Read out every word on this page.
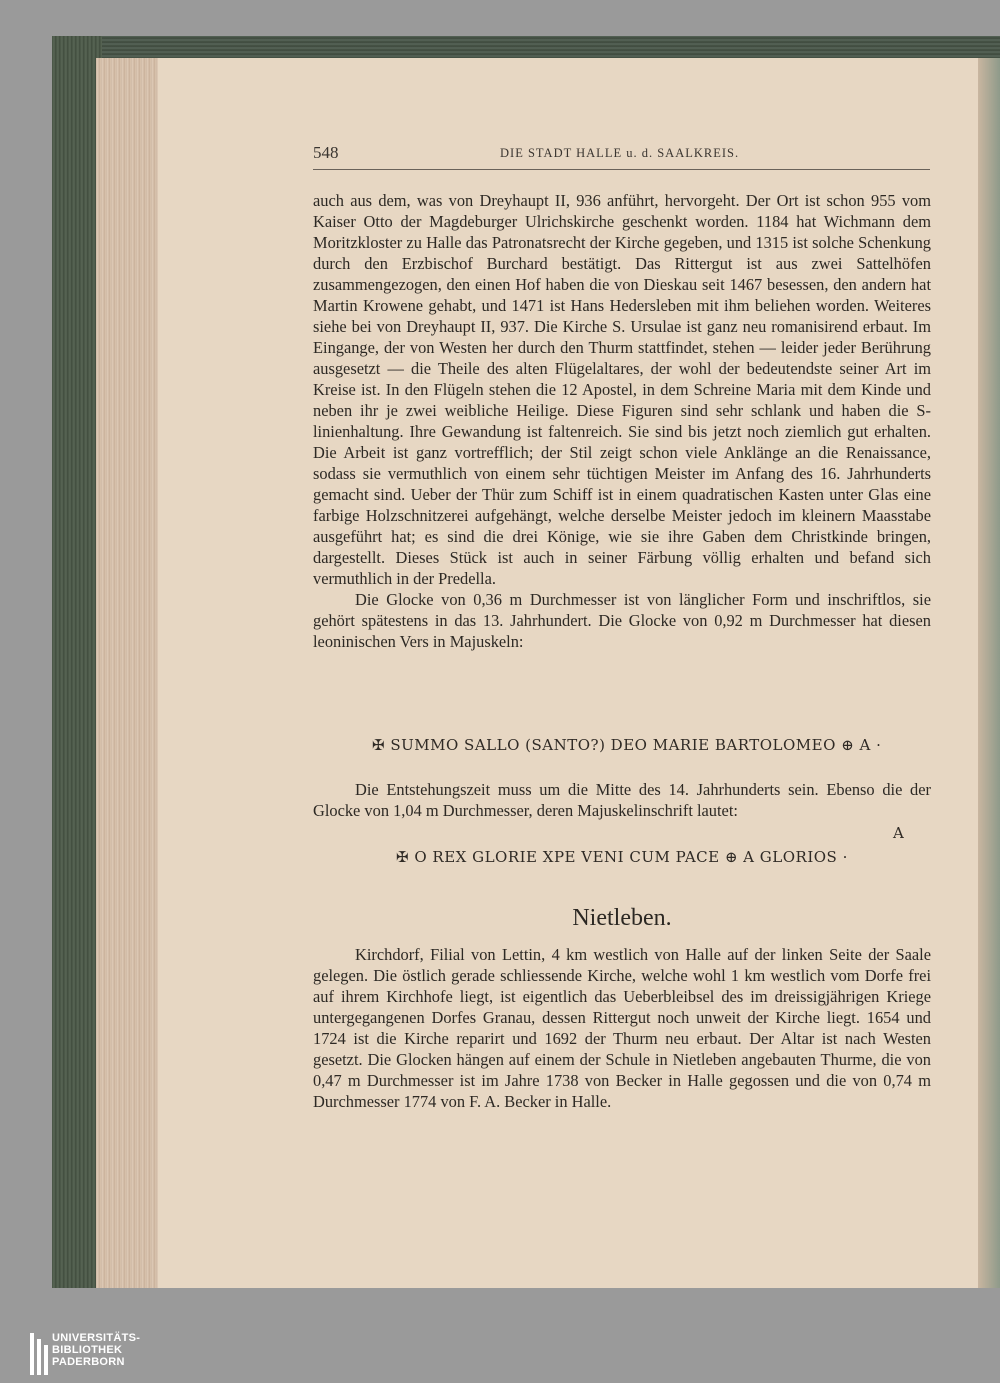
548	DIE STADT HALLE u. d. SAALKREIS.

auch aus dem, was von Dreyhaupt II, 936 anführt, hervorgeht. Der Ort ist schon 955 vom Kaiser Otto der Magdeburger Ulrichskirche geschenkt worden. 1184 hat Wichmann dem Moritzkloster zu Halle das Patronatsrecht der Kirche gegeben, und 1315 ist solche Schenkung durch den Erzbischof Burchard bestätigt. Das Rittergut ist aus zwei Sattelhöfen zusammengezogen, den einen Hof haben die von Dieskau seit 1467 besessen, den andern hat Martin Krowene gehabt, und 1471 ist Hans Hedersleben mit ihm beliehen worden. Weiteres siehe bei von Dreyhaupt II, 937. Die Kirche S. Ursulae ist ganz neu romanisirend erbaut. Im Eingange, der von Westen her durch den Thurm stattfindet, stehen — leider jeder Berührung ausgesetzt — die Theile des alten Flügelaltares, der wohl der bedeutendste seiner Art im Kreise ist. In den Flügeln stehen die 12 Apostel, in dem Schreine Maria mit dem Kinde und neben ihr je zwei weibliche Heilige. Diese Figuren sind sehr schlank und haben die S-linienhaltung. Ihre Gewandung ist faltenreich. Sie sind bis jetzt noch ziemlich gut erhalten. Die Arbeit ist ganz vortrefflich; der Stil zeigt schon viele Anklänge an die Renaissance, sodass sie vermuthlich von einem sehr tüchtigen Meister im Anfang des 16. Jahrhunderts gemacht sind. Ueber der Thür zum Schiff ist in einem quadratischen Kasten unter Glas eine farbige Holzschnitzerei aufgehängt, welche derselbe Meister jedoch im kleinern Maasstabe ausgeführt hat; es sind die drei Könige, wie sie ihre Gaben dem Christkinde bringen, dargestellt. Dieses Stück ist auch in seiner Färbung völlig erhalten und befand sich vermuthlich in der Predella.

Die Glocke von 0,36 m Durchmesser ist von länglicher Form und inschriftlos, sie gehört spätestens in das 13. Jahrhundert. Die Glocke von 0,92 m Durchmesser hat diesen leoninischen Vers in Majuskeln:

✠ SUMMO SALLO (SANTO?) DEO MARIE BARTOLOMEO ⊕ A ·

Die Entstehungszeit muss um die Mitte des 14. Jahrhunderts sein. Ebenso die der Glocke von 1,04 m Durchmesser, deren Majuskelinschrift lautet:

A
✠ O REX GLORIE XPE VENI CUM PACE ⊕ A GLORIOS ·
Nietleben.

Kirchdorf, Filial von Lettin, 4 km westlich von Halle auf der linken Seite der Saale gelegen. Die östlich gerade schliessende Kirche, welche wohl 1 km westlich vom Dorfe frei auf ihrem Kirchhofe liegt, ist eigentlich das Ueberbleibsel des im dreissigjährigen Kriege untergegangenen Dorfes Granau, dessen Rittergut noch unweit der Kirche liegt. 1654 und 1724 ist die Kirche reparirt und 1692 der Thurm neu erbaut. Der Altar ist nach Westen gesetzt. Die Glocken hängen auf einem der Schule in Nietleben angebauten Thurme, die von 0,47 m Durchmesser ist im Jahre 1738 von Becker in Halle gegossen und die von 0,74 m Durchmesser 1774 von F. A. Becker in Halle.

UNIVERSITÄTS-
BIBLIOTHEK
PADERBORN
